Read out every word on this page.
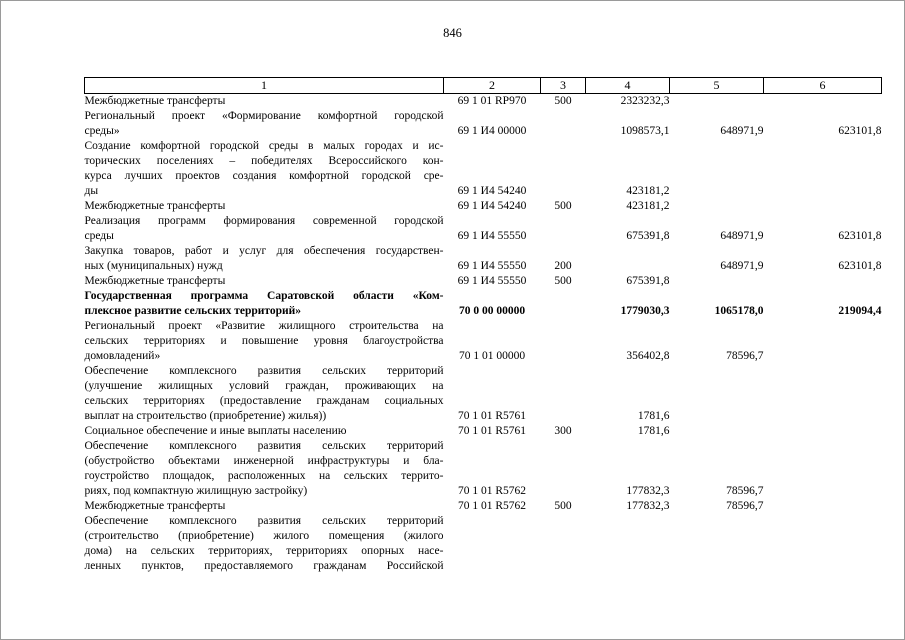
846
1	2	3	4	5	6

Межбюджетные трансферты	69 1 01 RP970	500	2323232,3		

Региональный проект «Формирование комфортной городской
среды»	69 1 И4 00000		1098573,1	648971,9	623101,8

Создание комфортной городской среды в малых городах и ис-
торических поселениях – победителях Всероссийского кон-
курса лучших проектов создания комфортной городской сре-
ды	69 1 И4 54240		423181,2		

Межбюджетные трансферты	69 1 И4 54240	500	423181,2		

Реализация программ формирования современной городской
среды	69 1 И4 55550		675391,8	648971,9	623101,8

Закупка товаров, работ и услуг для обеспечения государствен-
ных (муниципальных) нужд	69 1 И4 55550	200		648971,9	623101,8

Межбюджетные трансферты	69 1 И4 55550	500	675391,8		

Государственная программа Саратовской области «Ком-
плексное развитие сельских территорий»	70 0 00 00000		1779030,3	1065178,0	219094,4

Региональный проект «Развитие жилищного строительства на
сельских территориях и повышение уровня благоустройства
домовладений»	70 1 01 00000		356402,8	78596,7	

Обеспечение комплексного развития сельских территорий
(улучшение жилищных условий граждан, проживающих на
сельских территориях (предоставление гражданам социальных
выплат на строительство (приобретение) жилья))	70 1 01 R5761		1781,6		

Социальное обеспечение и иные выплаты населению	70 1 01 R5761	300	1781,6		

Обеспечение комплексного развития сельских территорий
(обустройство объектами инженерной инфраструктуры и бла-
гоустройство площадок, расположенных на сельских террито-
риях, под компактную жилищную застройку)	70 1 01 R5762		177832,3	78596,7	

Межбюджетные трансферты	70 1 01 R5762	500	177832,3	78596,7	

Обеспечение комплексного развития сельских территорий
(строительство (приобретение) жилого помещения (жилого
дома) на сельских территориях, территориях опорных насе-
ленных пунктов, предоставляемого гражданам Российской					
